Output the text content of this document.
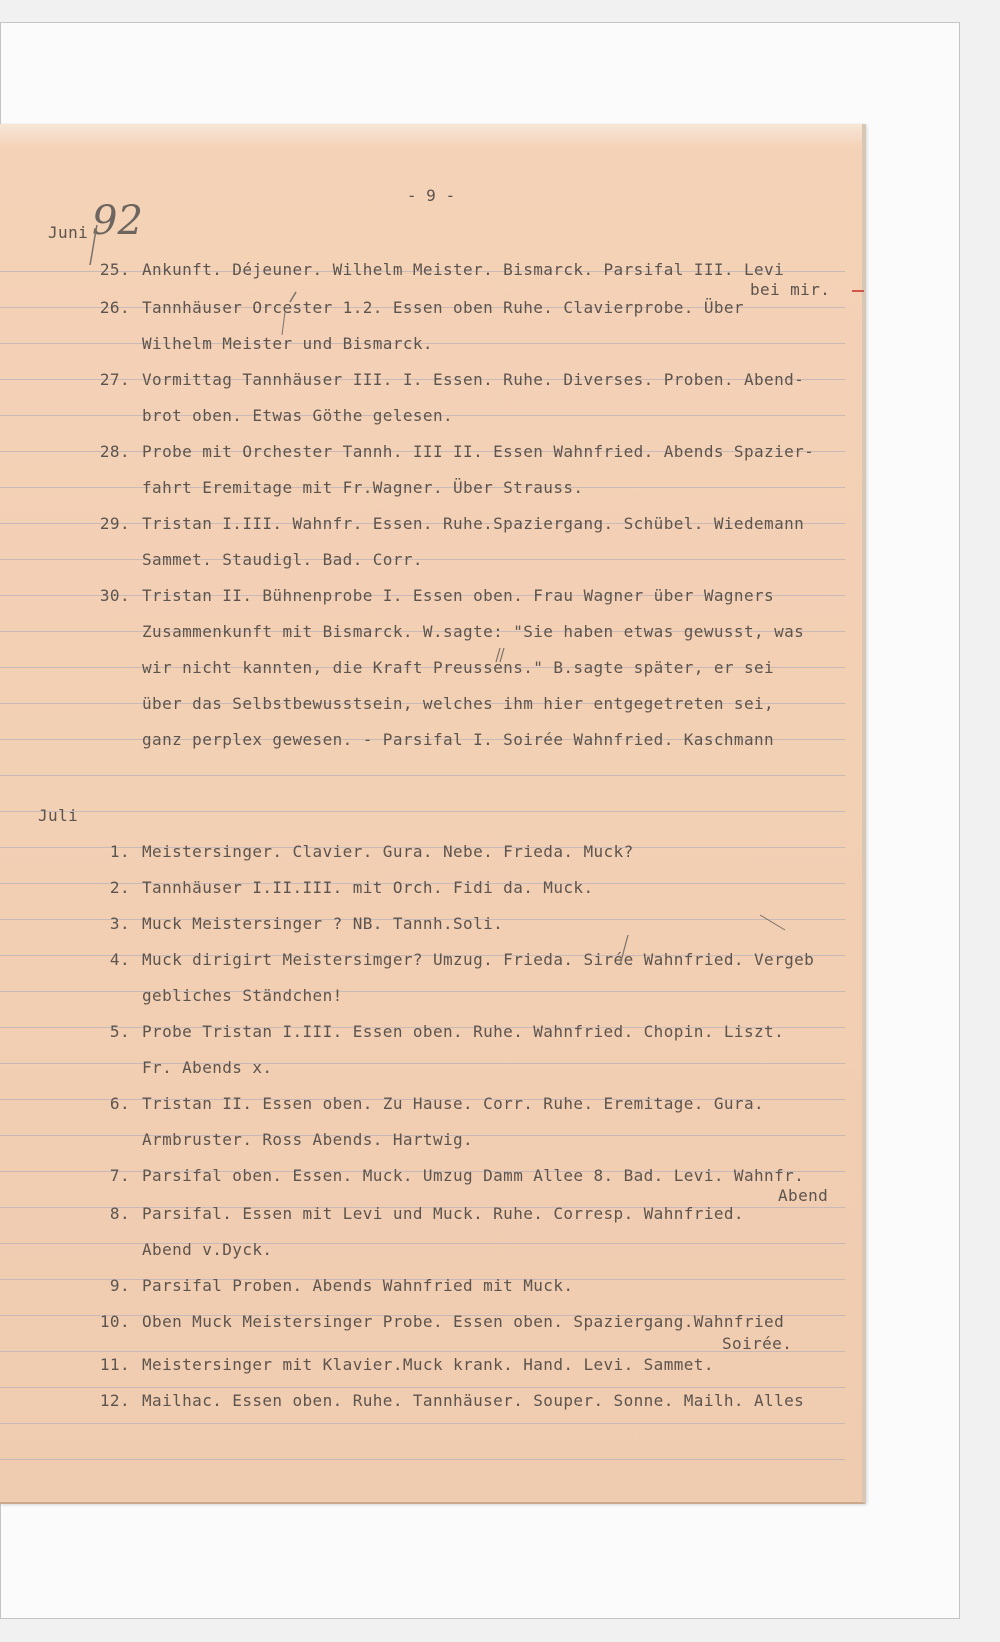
- 9 -
Juni 92
25. Ankunft. Déjeuner. Wilhelm Meister. Bismarck. Parsifal III. Levi
bei mir.
26. Tannhäuser Orcester 1.2. Essen oben Ruhe. Clavierprobe. Über
Wilhelm Meister und Bismarck.
27. Vormittag Tannhäuser III. I. Essen. Ruhe. Diverses. Proben. Abend-
brot oben. Etwas Göthe gelesen.
28. Probe mit Orchester Tannh. III II. Essen Wahnfried. Abends Spazier-
fahrt Eremitage mit Fr.Wagner. Über Strauss.
29. Tristan I.III. Wahnfr. Essen. Ruhe.Spaziergang. Schübel. Wiedemann
Sammet. Staudigl. Bad. Corr.
30. Tristan II. Bühnenprobe I. Essen oben. Frau Wagner über Wagners
Zusammenkunft mit Bismarck. W.sagte: "Sie haben etwas gewusst, was
wir nicht kannten, die Kraft Preussens." B.sagte später, er sei
über das Selbstbewusstsein, welches ihm hier entgegetreten sei,
ganz perplex gewesen. - Parsifal I. Soirée Wahnfried. Kaschmann
Juli
1. Meistersinger. Clavier. Gura. Nebe. Frieda. Muck?
2. Tannhäuser I.II.III. mit Orch. Fidi da. Muck.
3. Muck Meistersinger ? NB. Tannh.Soli.
4. Muck dirigirt Meistersimger? Umzug. Frieda. Sirée Wahnfried. Vergeb
gebliches Ständchen!
5. Probe Tristan I.III. Essen oben. Ruhe. Wahnfried. Chopin. Liszt.
Fr. Abends x.
6. Tristan II. Essen oben. Zu Hause. Corr. Ruhe. Eremitage. Gura.
Armbruster. Ross Abends. Hartwig.
7. Parsifal oben. Essen. Muck. Umzug Damm Allee 8. Bad. Levi. Wahnfr.
Abend
8. Parsifal. Essen mit Levi und Muck. Ruhe. Corresp. Wahnfried.
Abend v.Dyck.
9. Parsifal Proben. Abends Wahnfried mit Muck.
10. Oben Muck Meistersinger Probe. Essen oben. Spaziergang.Wahnfried
Soirée.
11. Meistersinger mit Klavier.Muck krank. Hand. Levi. Sammet.
12. Mailhac. Essen oben. Ruhe. Tannhäuser. Souper. Sonne. Mailh. Alles
